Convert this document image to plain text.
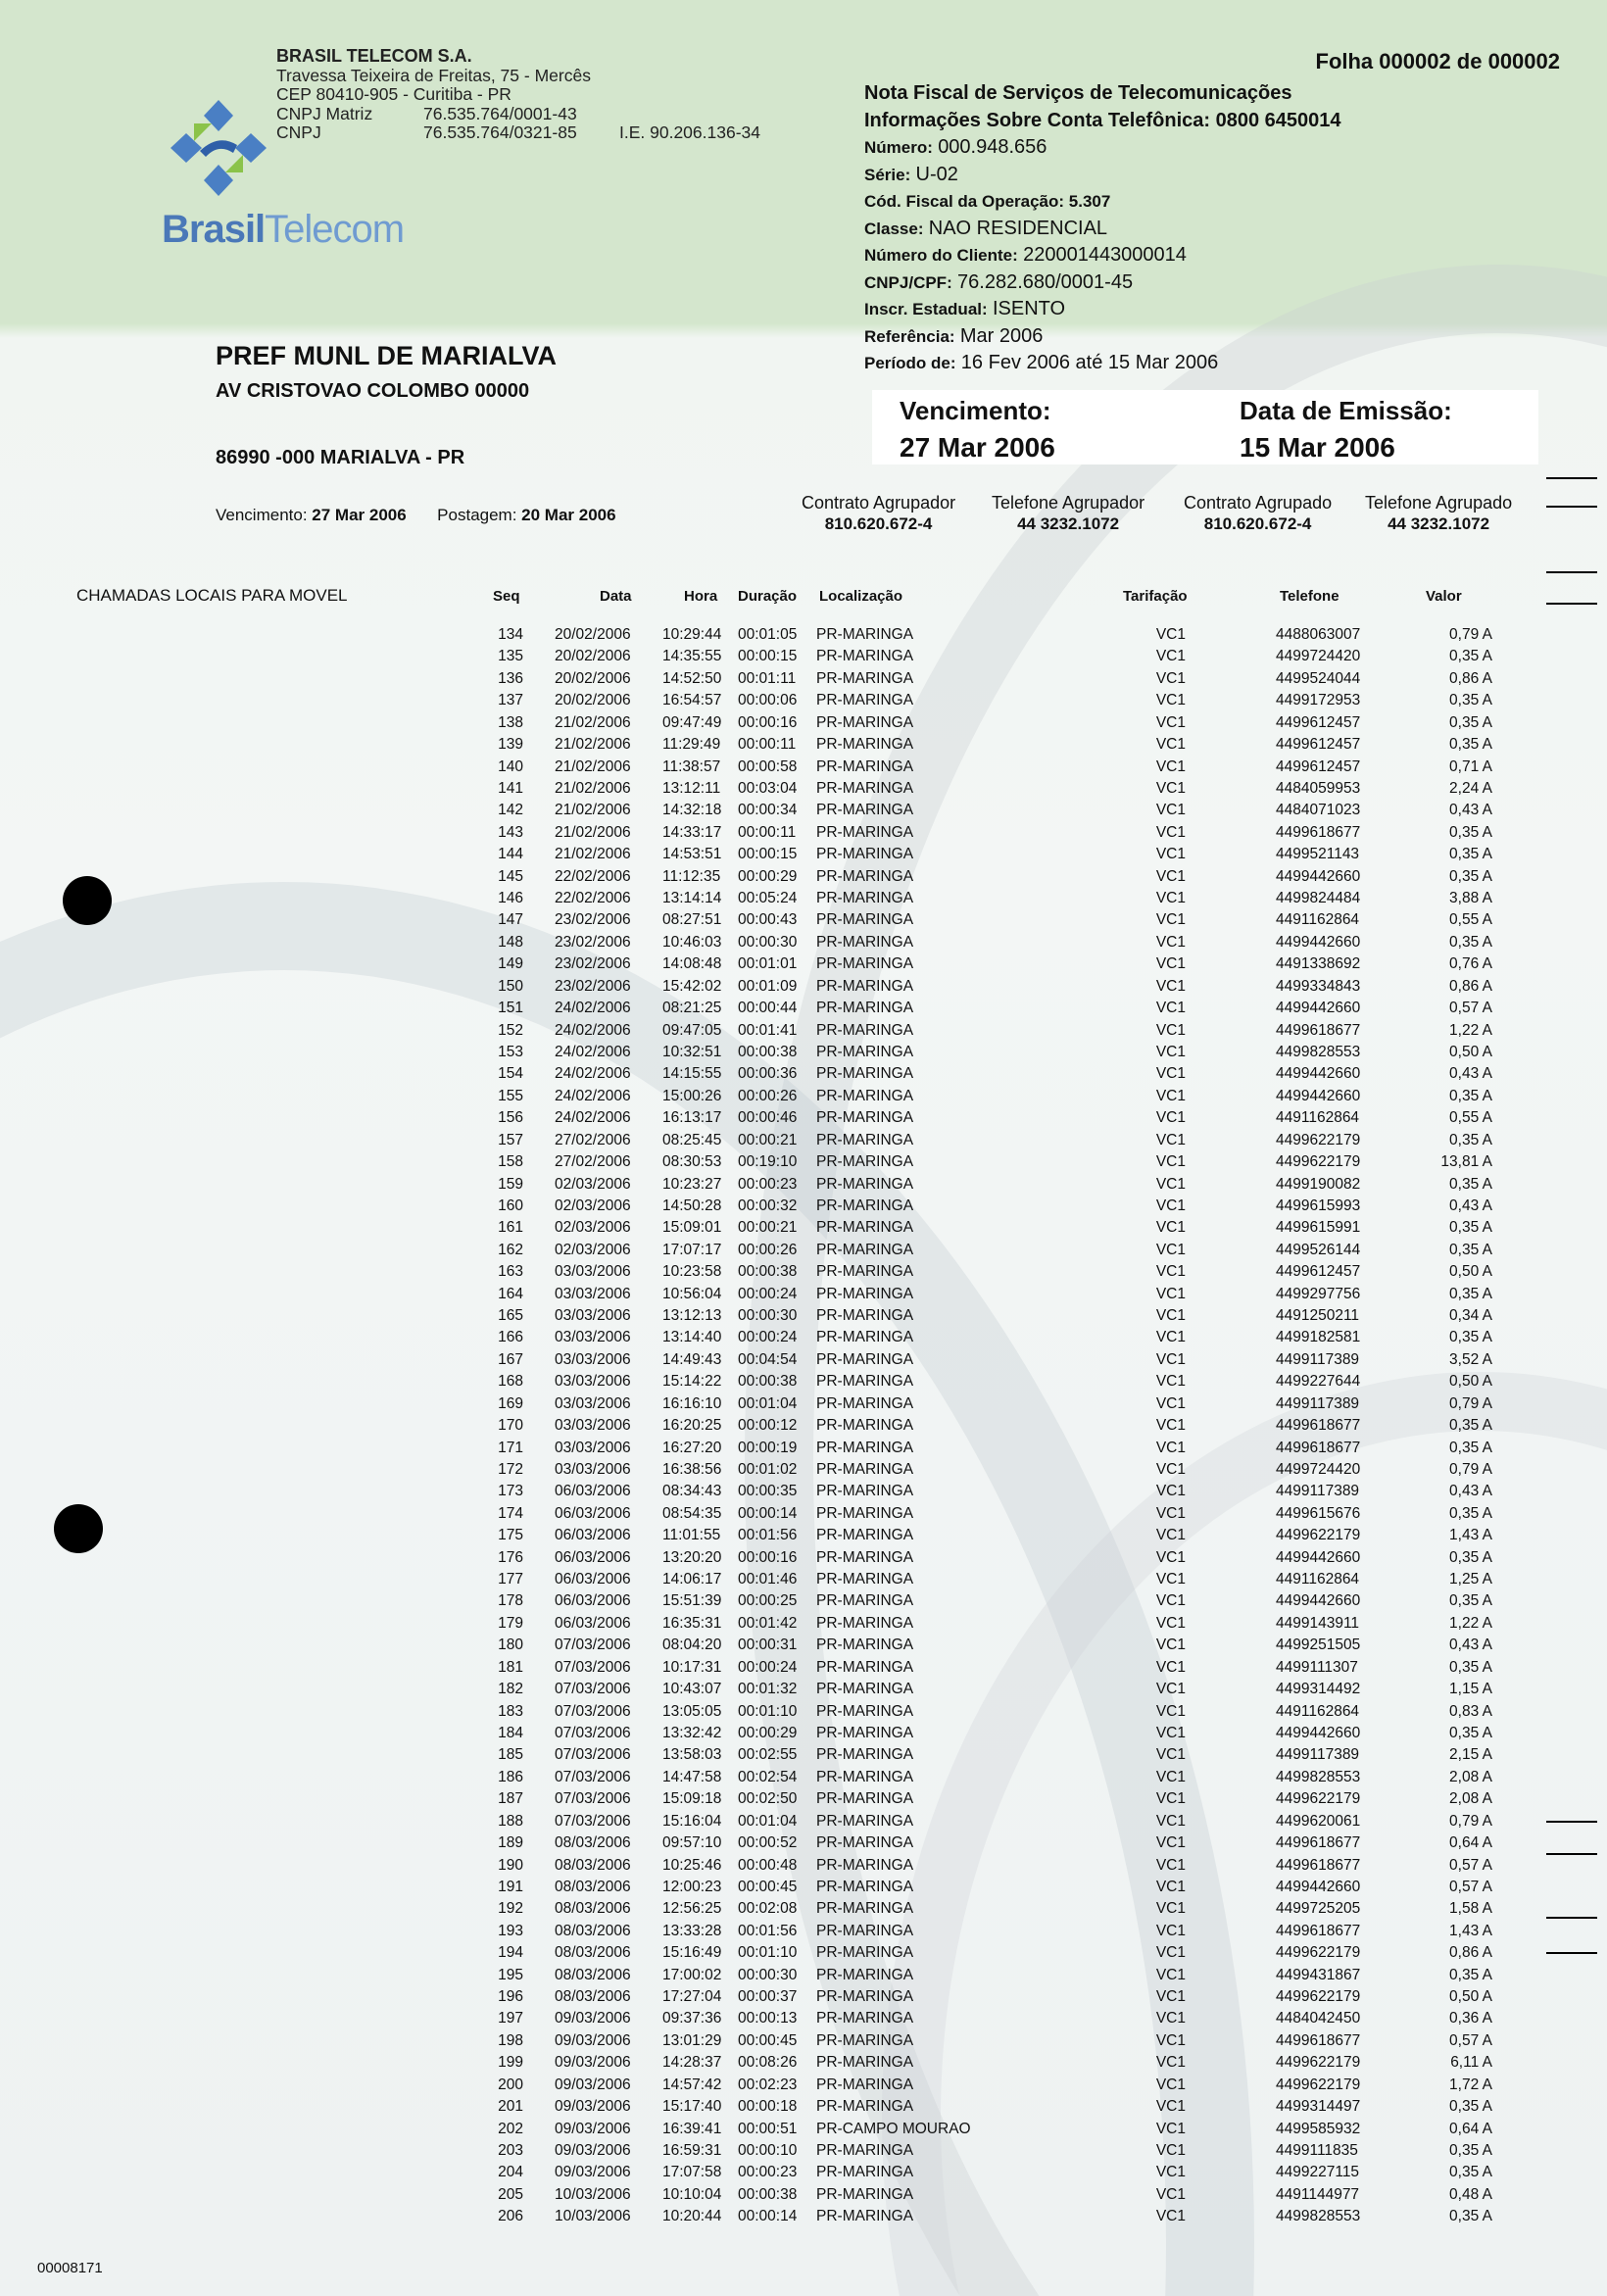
BrasilTelecom
BRASIL TELECOM S.A.
Travessa Teixeira de Freitas, 75 - Mercês
CEP 80410-905 - Curitiba - PR
CNPJ Matriz	76.535.764/0001-43
CNPJ	76.535.764/0321-85 I.E. 90.206.136-34
Folha 000002 de 000002
Nota Fiscal de Serviços de Telecomunicações
Informações Sobre Conta Telefônica: 0800 6450014
Número: 000.948.656
Série: U-02
Cód. Fiscal da Operação: 5.307
Classe: NAO RESIDENCIAL
Número do Cliente: 220001443000014
CNPJ/CPF: 76.282.680/0001-45
Inscr. Estadual: ISENTO
Referência: Mar 2006
Período de: 16 Fev 2006 até 15 Mar 2006
PREF MUNL DE MARIALVA
AV CRISTOVAO COLOMBO 00000
86990 -000 MARIALVA - PR
Vencimento: 27 Mar 2006 Postagem: 20 Mar 2006
Vencimento:
27 Mar 2006
Data de Emissão:
15 Mar 2006
Contrato Agrupador
810.620.672-4
Telefone Agrupador
44 3232.1072
Contrato Agrupado
810.620.672-4
Telefone Agrupado
44 3232.1072
CHAMADAS LOCAIS PARA MOVEL	Seq	Data	Hora Duração Localização	Tarifação	Telefone	Valor
134 20/02/2006 10:29:44 00:01:05 PR-MARINGA	VC1	4488063007	0,79 A
135 20/02/2006 14:35:55 00:00:15 PR-MARINGA	VC1	4499724420	0,35 A
136 20/02/2006 14:52:50 00:01:11 PR-MARINGA	VC1	4499524044	0,86 A
137 20/02/2006 16:54:57 00:00:06 PR-MARINGA	VC1	4499172953	0,35 A
138 21/02/2006 09:47:49 00:00:16 PR-MARINGA	VC1	4499612457	0,35 A
139 21/02/2006 11:29:49 00:00:11 PR-MARINGA	VC1	4499612457	0,35 A
140 21/02/2006 11:38:57 00:00:58 PR-MARINGA	VC1	4499612457	0,71 A
141 21/02/2006 13:12:11 00:03:04 PR-MARINGA	VC1	4484059953	2,24 A
142 21/02/2006 14:32:18 00:00:34 PR-MARINGA	VC1	4484071023	0,43 A
143 21/02/2006 14:33:17 00:00:11 PR-MARINGA	VC1	4499618677	0,35 A
144 21/02/2006 14:53:51 00:00:15 PR-MARINGA	VC1	4499521143	0,35 A
145 22/02/2006 11:12:35 00:00:29 PR-MARINGA	VC1	4499442660	0,35 A
146 22/02/2006 13:14:14 00:05:24 PR-MARINGA	VC1	4499824484	3,88 A
147 23/02/2006 08:27:51 00:00:43 PR-MARINGA	VC1	4491162864	0,55 A
148 23/02/2006 10:46:03 00:00:30 PR-MARINGA	VC1	4499442660	0,35 A
149 23/02/2006 14:08:48 00:01:01 PR-MARINGA	VC1	4491338692	0,76 A
150 23/02/2006 15:42:02 00:01:09 PR-MARINGA	VC1	4499334843	0,86 A
151 24/02/2006 08:21:25 00:00:44 PR-MARINGA	VC1	4499442660	0,57 A
152 24/02/2006 09:47:05 00:01:41 PR-MARINGA	VC1	4499618677	1,22 A
153 24/02/2006 10:32:51 00:00:38 PR-MARINGA	VC1	4499828553	0,50 A
154 24/02/2006 14:15:55 00:00:36 PR-MARINGA	VC1	4499442660	0,43 A
155 24/02/2006 15:00:26 00:00:26 PR-MARINGA	VC1	4499442660	0,35 A
156 24/02/2006 16:13:17 00:00:46 PR-MARINGA	VC1	4491162864	0,55 A
157 27/02/2006 08:25:45 00:00:21 PR-MARINGA	VC1	4499622179	0,35 A
158 27/02/2006 08:30:53 00:19:10 PR-MARINGA	VC1	4499622179	13,81 A
159 02/03/2006 10:23:27 00:00:23 PR-MARINGA	VC1	4499190082	0,35 A
160 02/03/2006 14:50:28 00:00:32 PR-MARINGA	VC1	4499615993	0,43 A
161 02/03/2006 15:09:01 00:00:21 PR-MARINGA	VC1	4499615991	0,35 A
162 02/03/2006 17:07:17 00:00:26 PR-MARINGA	VC1	4499526144	0,35 A
163 03/03/2006 10:23:58 00:00:38 PR-MARINGA	VC1	4499612457	0,50 A
164 03/03/2006 10:56:04 00:00:24 PR-MARINGA	VC1	4499297756	0,35 A
165 03/03/2006 13:12:13 00:00:30 PR-MARINGA	VC1	4491250211	0,34 A
166 03/03/2006 13:14:40 00:00:24 PR-MARINGA	VC1	4499182581	0,35 A
167 03/03/2006 14:49:43 00:04:54 PR-MARINGA	VC1	4499117389	3,52 A
168 03/03/2006 15:14:22 00:00:38 PR-MARINGA	VC1	4499227644	0,50 A
169 03/03/2006 16:16:10 00:01:04 PR-MARINGA	VC1	4499117389	0,79 A
170 03/03/2006 16:20:25 00:00:12 PR-MARINGA	VC1	4499618677	0,35 A
171 03/03/2006 16:27:20 00:00:19 PR-MARINGA	VC1	4499618677	0,35 A
172 03/03/2006 16:38:56 00:01:02 PR-MARINGA	VC1	4499724420	0,79 A
173 06/03/2006 08:34:43 00:00:35 PR-MARINGA	VC1	4499117389	0,43 A
174 06/03/2006 08:54:35 00:00:14 PR-MARINGA	VC1	4499615676	0,35 A
175 06/03/2006 11:01:55 00:01:56 PR-MARINGA	VC1	4499622179	1,43 A
176 06/03/2006 13:20:20 00:00:16 PR-MARINGA	VC1	4499442660	0,35 A
177 06/03/2006 14:06:17 00:01:46 PR-MARINGA	VC1	4491162864	1,25 A
178 06/03/2006 15:51:39 00:00:25 PR-MARINGA	VC1	4499442660	0,35 A
179 06/03/2006 16:35:31 00:01:42 PR-MARINGA	VC1	4499143911	1,22 A
180 07/03/2006 08:04:20 00:00:31 PR-MARINGA	VC1	4499251505	0,43 A
181 07/03/2006 10:17:31 00:00:24 PR-MARINGA	VC1	4499111307	0,35 A
182 07/03/2006 10:43:07 00:01:32 PR-MARINGA	VC1	4499314492	1,15 A
183 07/03/2006 13:05:05 00:01:10 PR-MARINGA	VC1	4491162864	0,83 A
184 07/03/2006 13:32:42 00:00:29 PR-MARINGA	VC1	4499442660	0,35 A
185 07/03/2006 13:58:03 00:02:55 PR-MARINGA	VC1	4499117389	2,15 A
186 07/03/2006 14:47:58 00:02:54 PR-MARINGA	VC1	4499828553	2,08 A
187 07/03/2006 15:09:18 00:02:50 PR-MARINGA	VC1	4499622179	2,08 A
188 07/03/2006 15:16:04 00:01:04 PR-MARINGA	VC1	4499620061	0,79 A
189 08/03/2006 09:57:10 00:00:52 PR-MARINGA	VC1	4499618677	0,64 A
190 08/03/2006 10:25:46 00:00:48 PR-MARINGA	VC1	4499618677	0,57 A
191 08/03/2006 12:00:23 00:00:45 PR-MARINGA	VC1	4499442660	0,57 A
192 08/03/2006 12:56:25 00:02:08 PR-MARINGA	VC1	4499725205	1,58 A
193 08/03/2006 13:33:28 00:01:56 PR-MARINGA	VC1	4499618677	1,43 A
194 08/03/2006 15:16:49 00:01:10 PR-MARINGA	VC1	4499622179	0,86 A
195 08/03/2006 17:00:02 00:00:30 PR-MARINGA	VC1	4499431867	0,35 A
196 08/03/2006 17:27:04 00:00:37 PR-MARINGA	VC1	4499622179	0,50 A
197 09/03/2006 09:37:36 00:00:13 PR-MARINGA	VC1	4484042450	0,36 A
198 09/03/2006 13:01:29 00:00:45 PR-MARINGA	VC1	4499618677	0,57 A
199 09/03/2006 14:28:37 00:08:26 PR-MARINGA	VC1	4499622179	6,11 A
200 09/03/2006 14:57:42 00:02:23 PR-MARINGA	VC1	4499622179	1,72 A
201 09/03/2006 15:17:40 00:00:18 PR-MARINGA	VC1	4499314497	0,35 A
202 09/03/2006 16:39:41 00:00:51 PR-CAMPO MOURAO	VC1	4499585932	0,64 A
203 09/03/2006 16:59:31 00:00:10 PR-MARINGA	VC1	4499111835	0,35 A
204 09/03/2006 17:07:58 00:00:23 PR-MARINGA	VC1	4499227115	0,35 A
205 10/03/2006 10:10:04 00:00:38 PR-MARINGA	VC1	4491144977	0,48 A
206 10/03/2006 10:20:44 00:00:14 PR-MARINGA	VC1	4499828553	0,35 A
00008171
